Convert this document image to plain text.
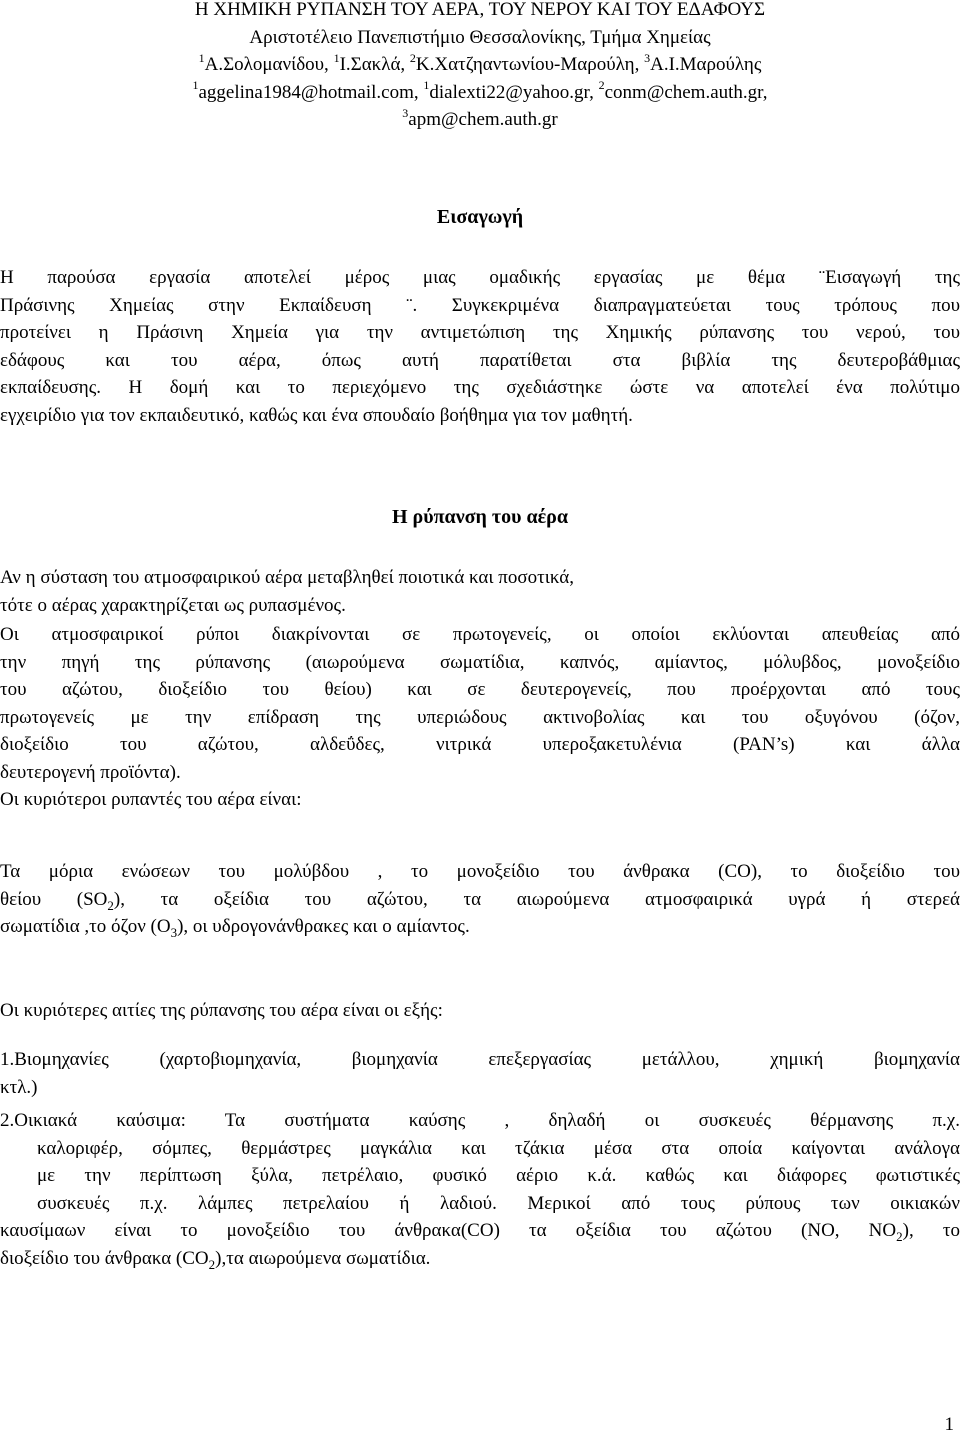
Η ΧΗΜΙΚΗ ΡΥΠΑΝΣΗ ΤΟΥ ΑΕΡΑ, ΤΟΥ ΝΕΡΟΥ ΚΑΙ ΤΟΥ ΕΔΑΦΟΥΣ
Αριστοτέλειο Πανεπιστήμιο Θεσσαλονίκης, Τμήμα Χημείας
$^1$Α.Σολομανίδου, $^1$Ι.Σακλά, $^2$Κ.Χατζηαντωνίου-Μαρούλη, $^3$Α.Ι.Μαρούλης
$^1$aggelina1984@hotmail.com, $^1$dialexti22@yahoo.gr, $^2$conm@chem.auth.gr,
$^3$apm@chem.auth.gr
Εισαγωγή
Η παρούσα εργασία αποτελεί μέρος μιας ομαδικής εργασίας με θέμα ¨Εισαγωγή της
Πράσινης Χημείας στην Εκπαίδευση ¨. Συγκεκριμένα διαπραγματεύεται τους τρόπους που
προτείνει η Πράσινη Χημεία για την αντιμετώπιση της Χημικής ρύπανσης του νερού, του
εδάφους και του αέρα, όπως αυτή παρατίθεται στα βιβλία της δευτεροβάθμιας
εκπαίδευσης. Η δομή και το περιεχόμενο της σχεδιάστηκε ώστε να αποτελεί ένα πολύτιμο
εγχειρίδιο για τον εκπαιδευτικό, καθώς και ένα σπουδαίο βοήθημα για τον μαθητή.
Η ρύπανση του αέρα
Αν η σύσταση του ατμοσφαιρικού αέρα μεταβληθεί ποιοτικά και ποσοτικά,
τότε ο αέρας χαρακτηρίζεται ως ρυπασμένος.
Οι ατμοσφαιρικοί ρύποι διακρίνονται σε πρωτογενείς, οι οποίοι εκλύονται απευθείας από
την πηγή της ρύπανσης (αιωρούμενα σωματίδια, καπνός, αμίαντος, μόλυβδος, μονοξείδιο
του αζώτου, διοξείδιο του θείου) και σε δευτερογενείς, που προέρχονται από τους
πρωτογενείς με την επίδραση της υπεριώδους ακτινοβολίας και του οξυγόνου (όζον,
διοξείδιο του αζώτου, αλδεΰδες, νιτρικά υπεροξακετυλένια (PAN’s) και άλλα
δευτερογενή προϊόντα).
Οι κυριότεροι ρυπαντές του αέρα είναι:
Τα μόρια ενώσεων του μολύβδου , το μονοξείδιο του άνθρακα (CO), το διοξείδιο του
θείου $(SO_2)$, τα οξείδια του αζώτου, τα αιωρούμενα ατμοσφαιρικά υγρά ή στερεά
σωματίδια ,το όζον $(O_3)$, οι υδρογονάνθρακες και ο αμίαντος.
Οι κυριότερες αιτίες της ρύπανσης του αέρα είναι οι εξής:
1.Βιομηχανίες (χαρτοβιομηχανία, βιομηχανία επεξεργασίας μετάλλου, χημική βιομηχανία
κτλ.)
2.Οικιακά καύσιμα: Τα συστήματα καύσης , δηλαδή οι συσκευές θέρμανσης π.χ.
καλοριφέρ, σόμπες, θερμάστρες μαγκάλια και τζάκια μέσα στα οποία καίγονται ανάλογα
με την περίπτωση ξύλα, πετρέλαιο, φυσικό αέριο κ.ά. καθώς και διάφορες φωτιστικές
συσκευές π.χ. λάμπες πετρελαίου ή λαδιού. Μερικοί από τους ρύπους των οικιακών
καυσίμαων είναι το μονοξείδιο του άνθρακα(CO) τα οξείδια του αζώτου (NO, $NO_2$), το
διοξείδιο του άνθρακα $(CO_2),\tau\alpha$ αιωρούμενα σωματίδια.
1
